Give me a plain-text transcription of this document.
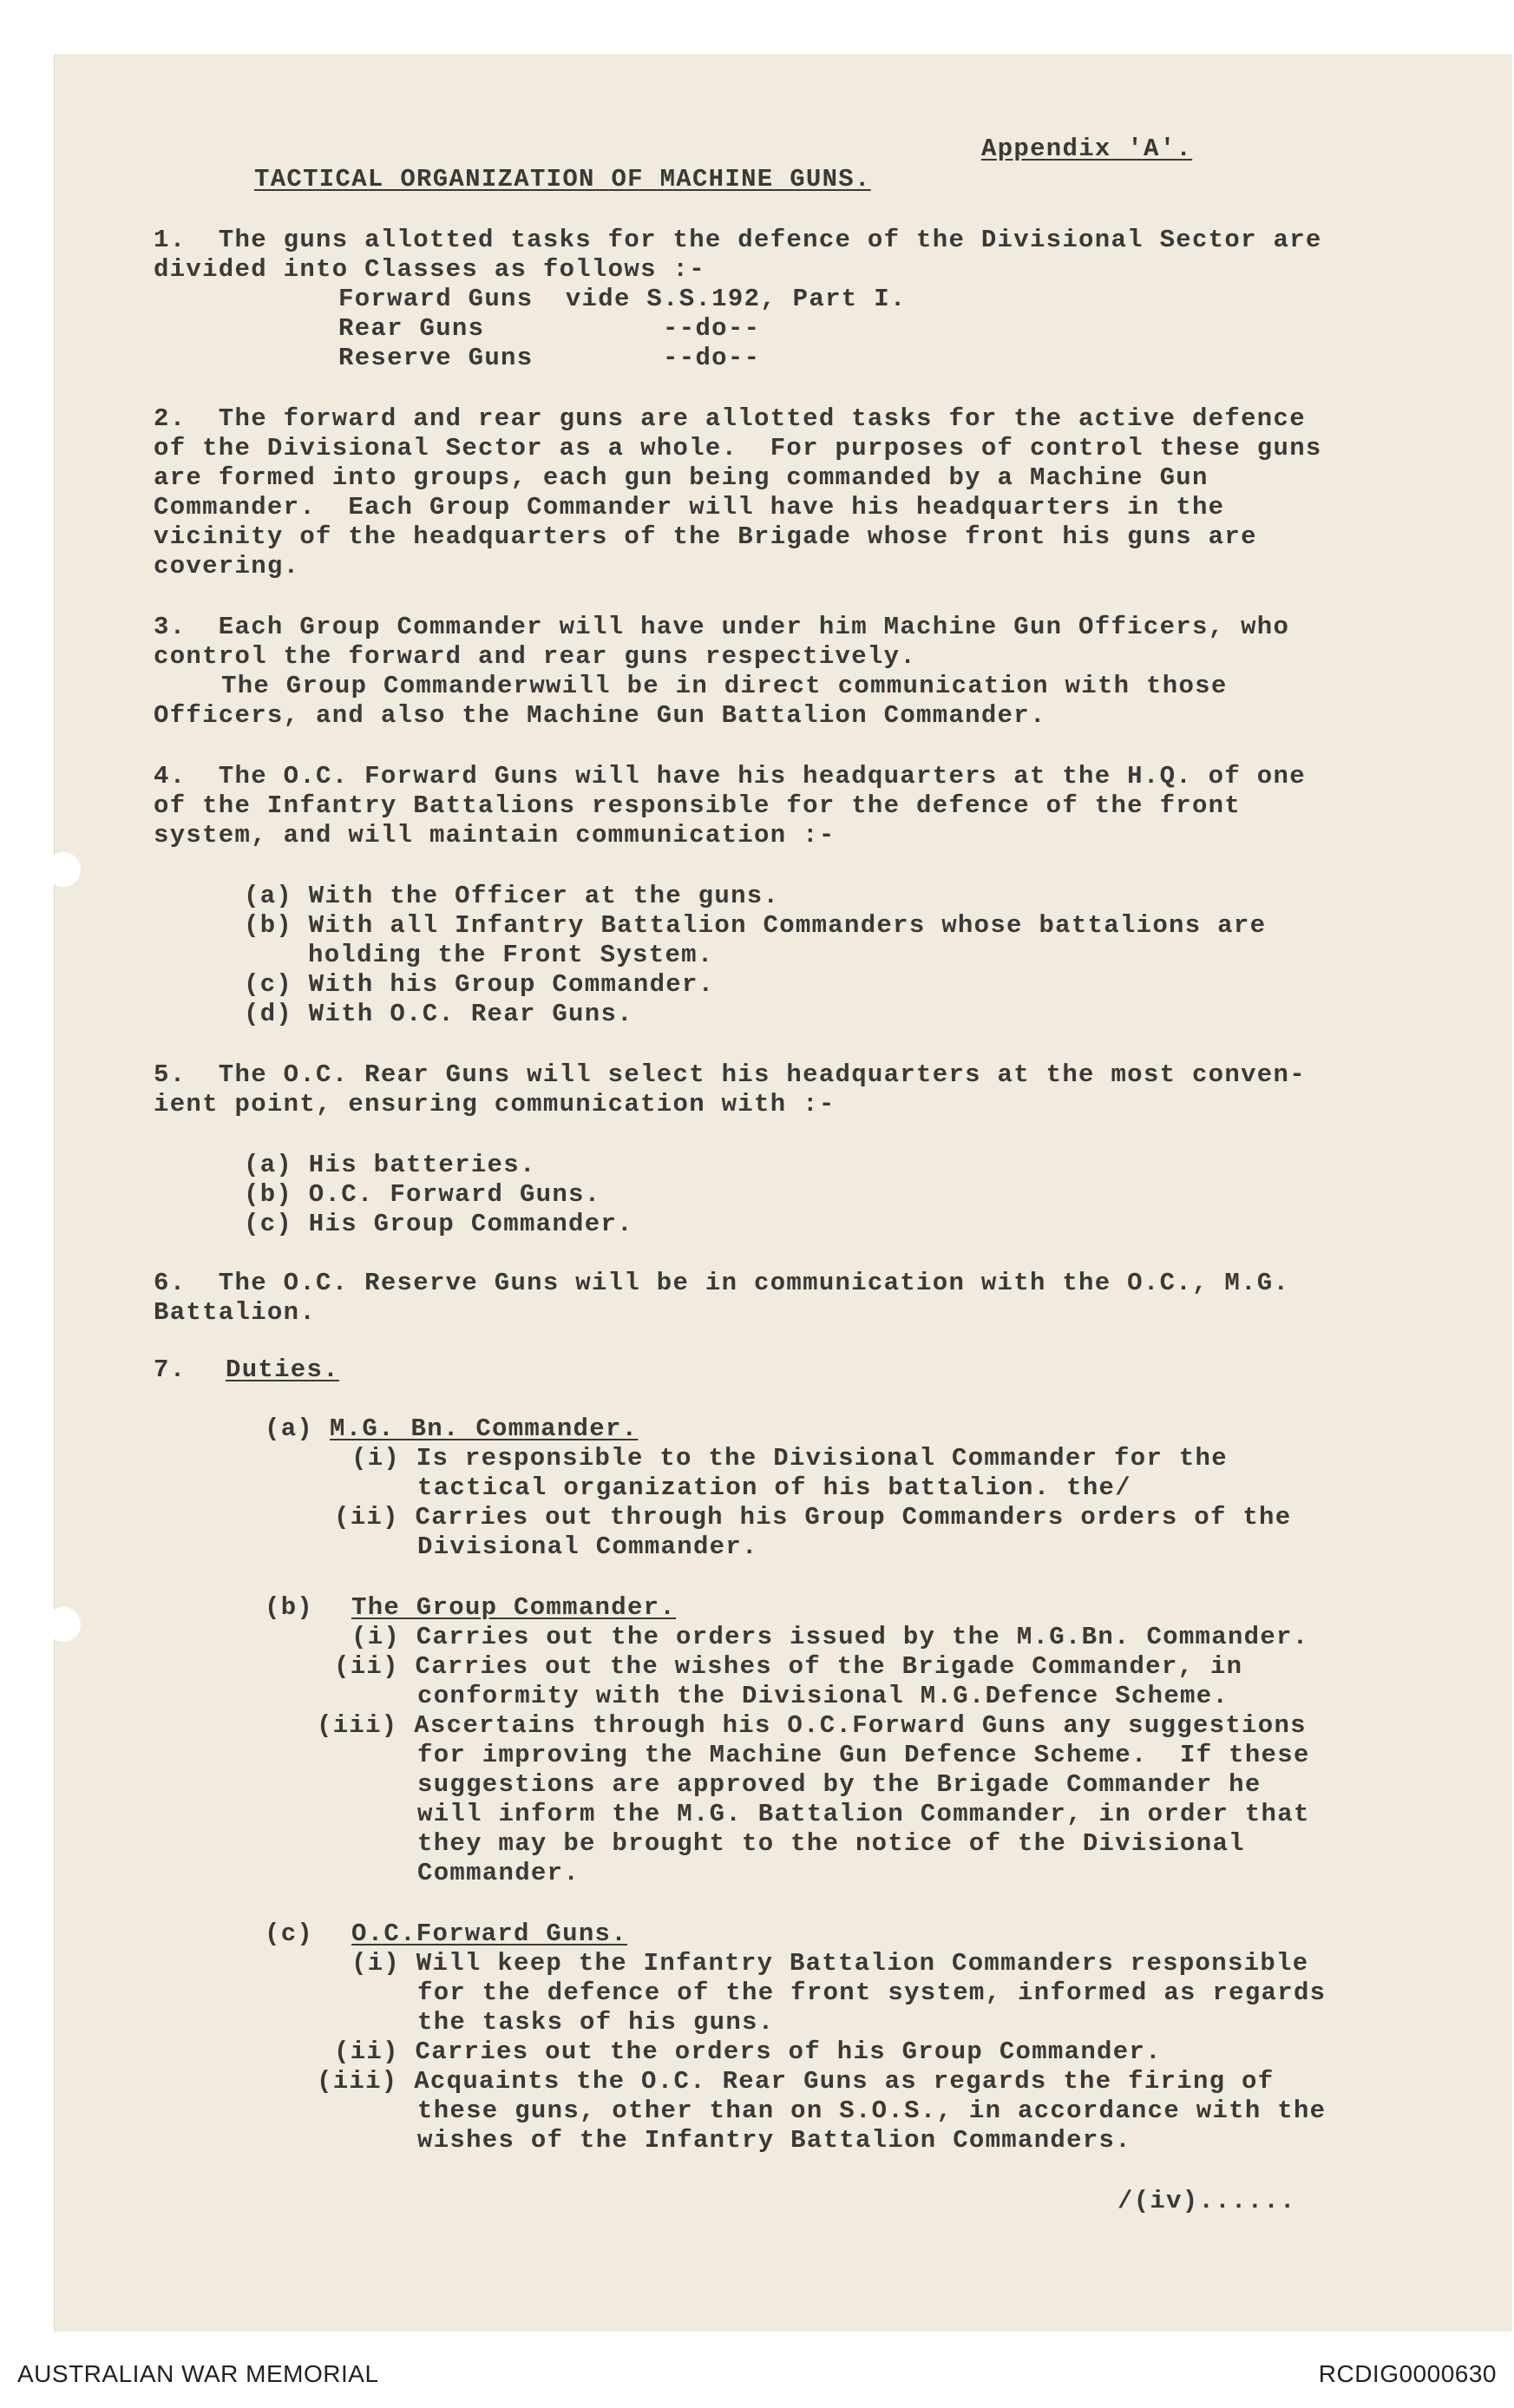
Appendix 'A'.
TACTICAL ORGANIZATION OF MACHINE GUNS.
1.  The guns allotted tasks for the defence of the Divisional Sector are
divided into Classes as follows :-
Forward Guns  vide S.S.192, Part I.
Rear Guns           --do--
Reserve Guns        --do--
2.  The forward and rear guns are allotted tasks for the active defence
of the Divisional Sector as a whole.  For purposes of control these guns
are formed into groups, each gun being commanded by a Machine Gun
Commander.  Each Group Commander will have his headquarters in the
vicinity of the headquarters of the Brigade whose front his guns are
covering.
3.  Each Group Commander will have under him Machine Gun Officers, who
control the forward and rear guns respectively.
The Group Commanderwwill be in direct communication with those
Officers, and also the Machine Gun Battalion Commander.
4.  The O.C. Forward Guns will have his headquarters at the H.Q. of one
of the Infantry Battalions responsible for the defence of the front
system, and will maintain communication :-
(a) With the Officer at the guns.
(b) With all Infantry Battalion Commanders whose battalions are
holding the Front System.
(c) With his Group Commander.
(d) With O.C. Rear Guns.
5.  The O.C. Rear Guns will select his headquarters at the most conven-
ient point, ensuring communication with :-
(a) His batteries.
(b) O.C. Forward Guns.
(c) His Group Commander.
6.  The O.C. Reserve Guns will be in communication with the O.C., M.G.
Battalion.
7. Duties.
(a) M.G. Bn. Commander.
(i) Is responsible to the Divisional Commander for the
tactical organization of his battalion. the/
(ii) Carries out through his Group Commanders orders of the
Divisional Commander.
(b) The Group Commander.
(i) Carries out the orders issued by the M.G.Bn. Commander.
(ii) Carries out the wishes of the Brigade Commander, in
conformity with the Divisional M.G.Defence Scheme.
(iii) Ascertains through his O.C.Forward Guns any suggestions
for improving the Machine Gun Defence Scheme.  If these
suggestions are approved by the Brigade Commander he
will inform the M.G. Battalion Commander, in order that
they may be brought to the notice of the Divisional
Commander.
(c) O.C.Forward Guns.
(i) Will keep the Infantry Battalion Commanders responsible
for the defence of the front system, informed as regards
the tasks of his guns.
(ii) Carries out the orders of his Group Commander.
(iii) Acquaints the O.C. Rear Guns as regards the firing of
these guns, other than on S.O.S., in accordance with the
wishes of the Infantry Battalion Commanders.
/(iv)......
AUSTRALIAN WAR MEMORIAL	RCDIG0000630
